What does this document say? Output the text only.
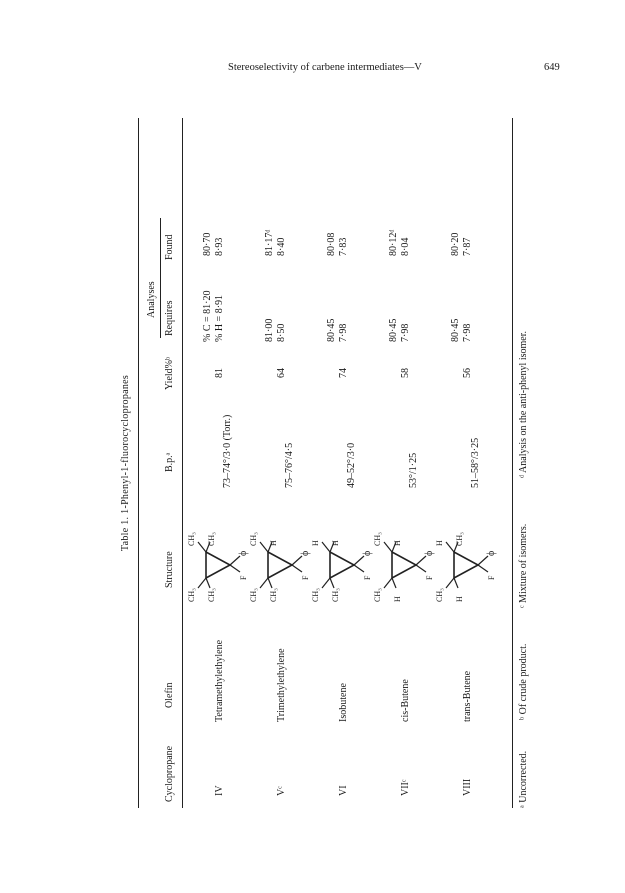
Stereoselectivity of carbene intermediates—V	649
Table 1. 1-Phenyl-1-fluorocyclopropanes
Analyses
Cyclopropane
Olefin
Structure
B.p.ᵃ
Yield%ᵇ
Requires
Found
IV
Tetramethylethylene
CH₃ CH₃
CH₃ CH₃
F
ϕ
73–74°/3·0 (Torr.)
81
% C = 81·20 % H = 8·91
80·70 8·93
Vᶜ
Trimethylethylene
CH₃ CH₃
CH₃ H
F
ϕ
75–76°/4·5
64
81·00 8·50
81·17ᵈ 8·40
VI
Isobutene
CH₃ CH₃
H H
F
ϕ
49–52°/3·0
74
80·45 7·98
80·08 7·83
VIIᶜ
cis-Butene
CH₃ H
CH₃ H
F
ϕ
53°/1·25
58
80·45 7·98
80·12ᵈ 8·04
VIII
trans-Butene
CH₃ H
H CH₃
F
ϕ
51–58°/3·25
56
80·45 7·98
80·20 7·87
ᵃ Uncorrected.
ᵇ Of crude product.
ᶜ Mixture of isomers.
ᵈ Analysis on the anti-phenyl isomer.
